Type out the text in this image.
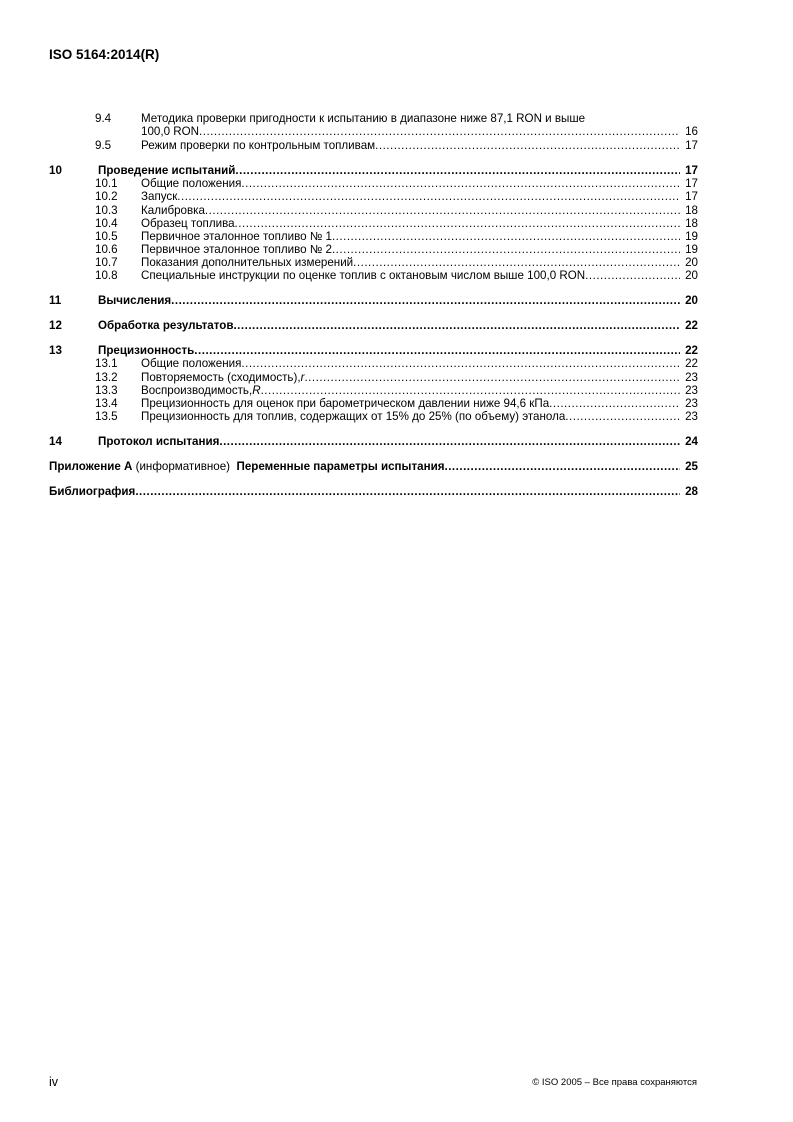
ISO 5164:2014(R)
9.4	Методика проверки пригодности к испытанию в диапазоне ниже 87,1 RON и выше
100,0 RON .....	16
9.5	Режим проверки по контрольным топливам .....	17
10	Проведение испытаний .....	17
10.1	Общие положения .....	17
10.2	Запуск .....	17
10.3	Калибровка .....	18
10.4	Образец топлива .....	18
10.5	Первичное эталонное топливо № 1 .....	19
10.6	Первичное эталонное топливо № 2 .....	19
10.7	Показания дополнительных измерений .....	20
10.8	Специальные инструкции по оценке топлив с октановым числом выше 100,0 RON .....	20
11	Вычисления .....	20
12	Обработка результатов .....	22
13	Прецизионность .....	22
13.1	Общие положения .....	22
13.2	Повторяемость (сходимость), r .....	23
13.3	Воспроизводимость, R .....	23
13.4	Прецизионность для оценок при барометрическом давлении ниже 94,6 кПа .....	23
13.5	Прецизионность для топлив, содержащих от 15% до 25% (по объему) этанола .....	23
14	Протокол испытания .....	24
Приложение A (информативное) Переменные параметры испытания .....	25
Библиография .....	28
iv	© ISO 2005 – Все права сохраняются
